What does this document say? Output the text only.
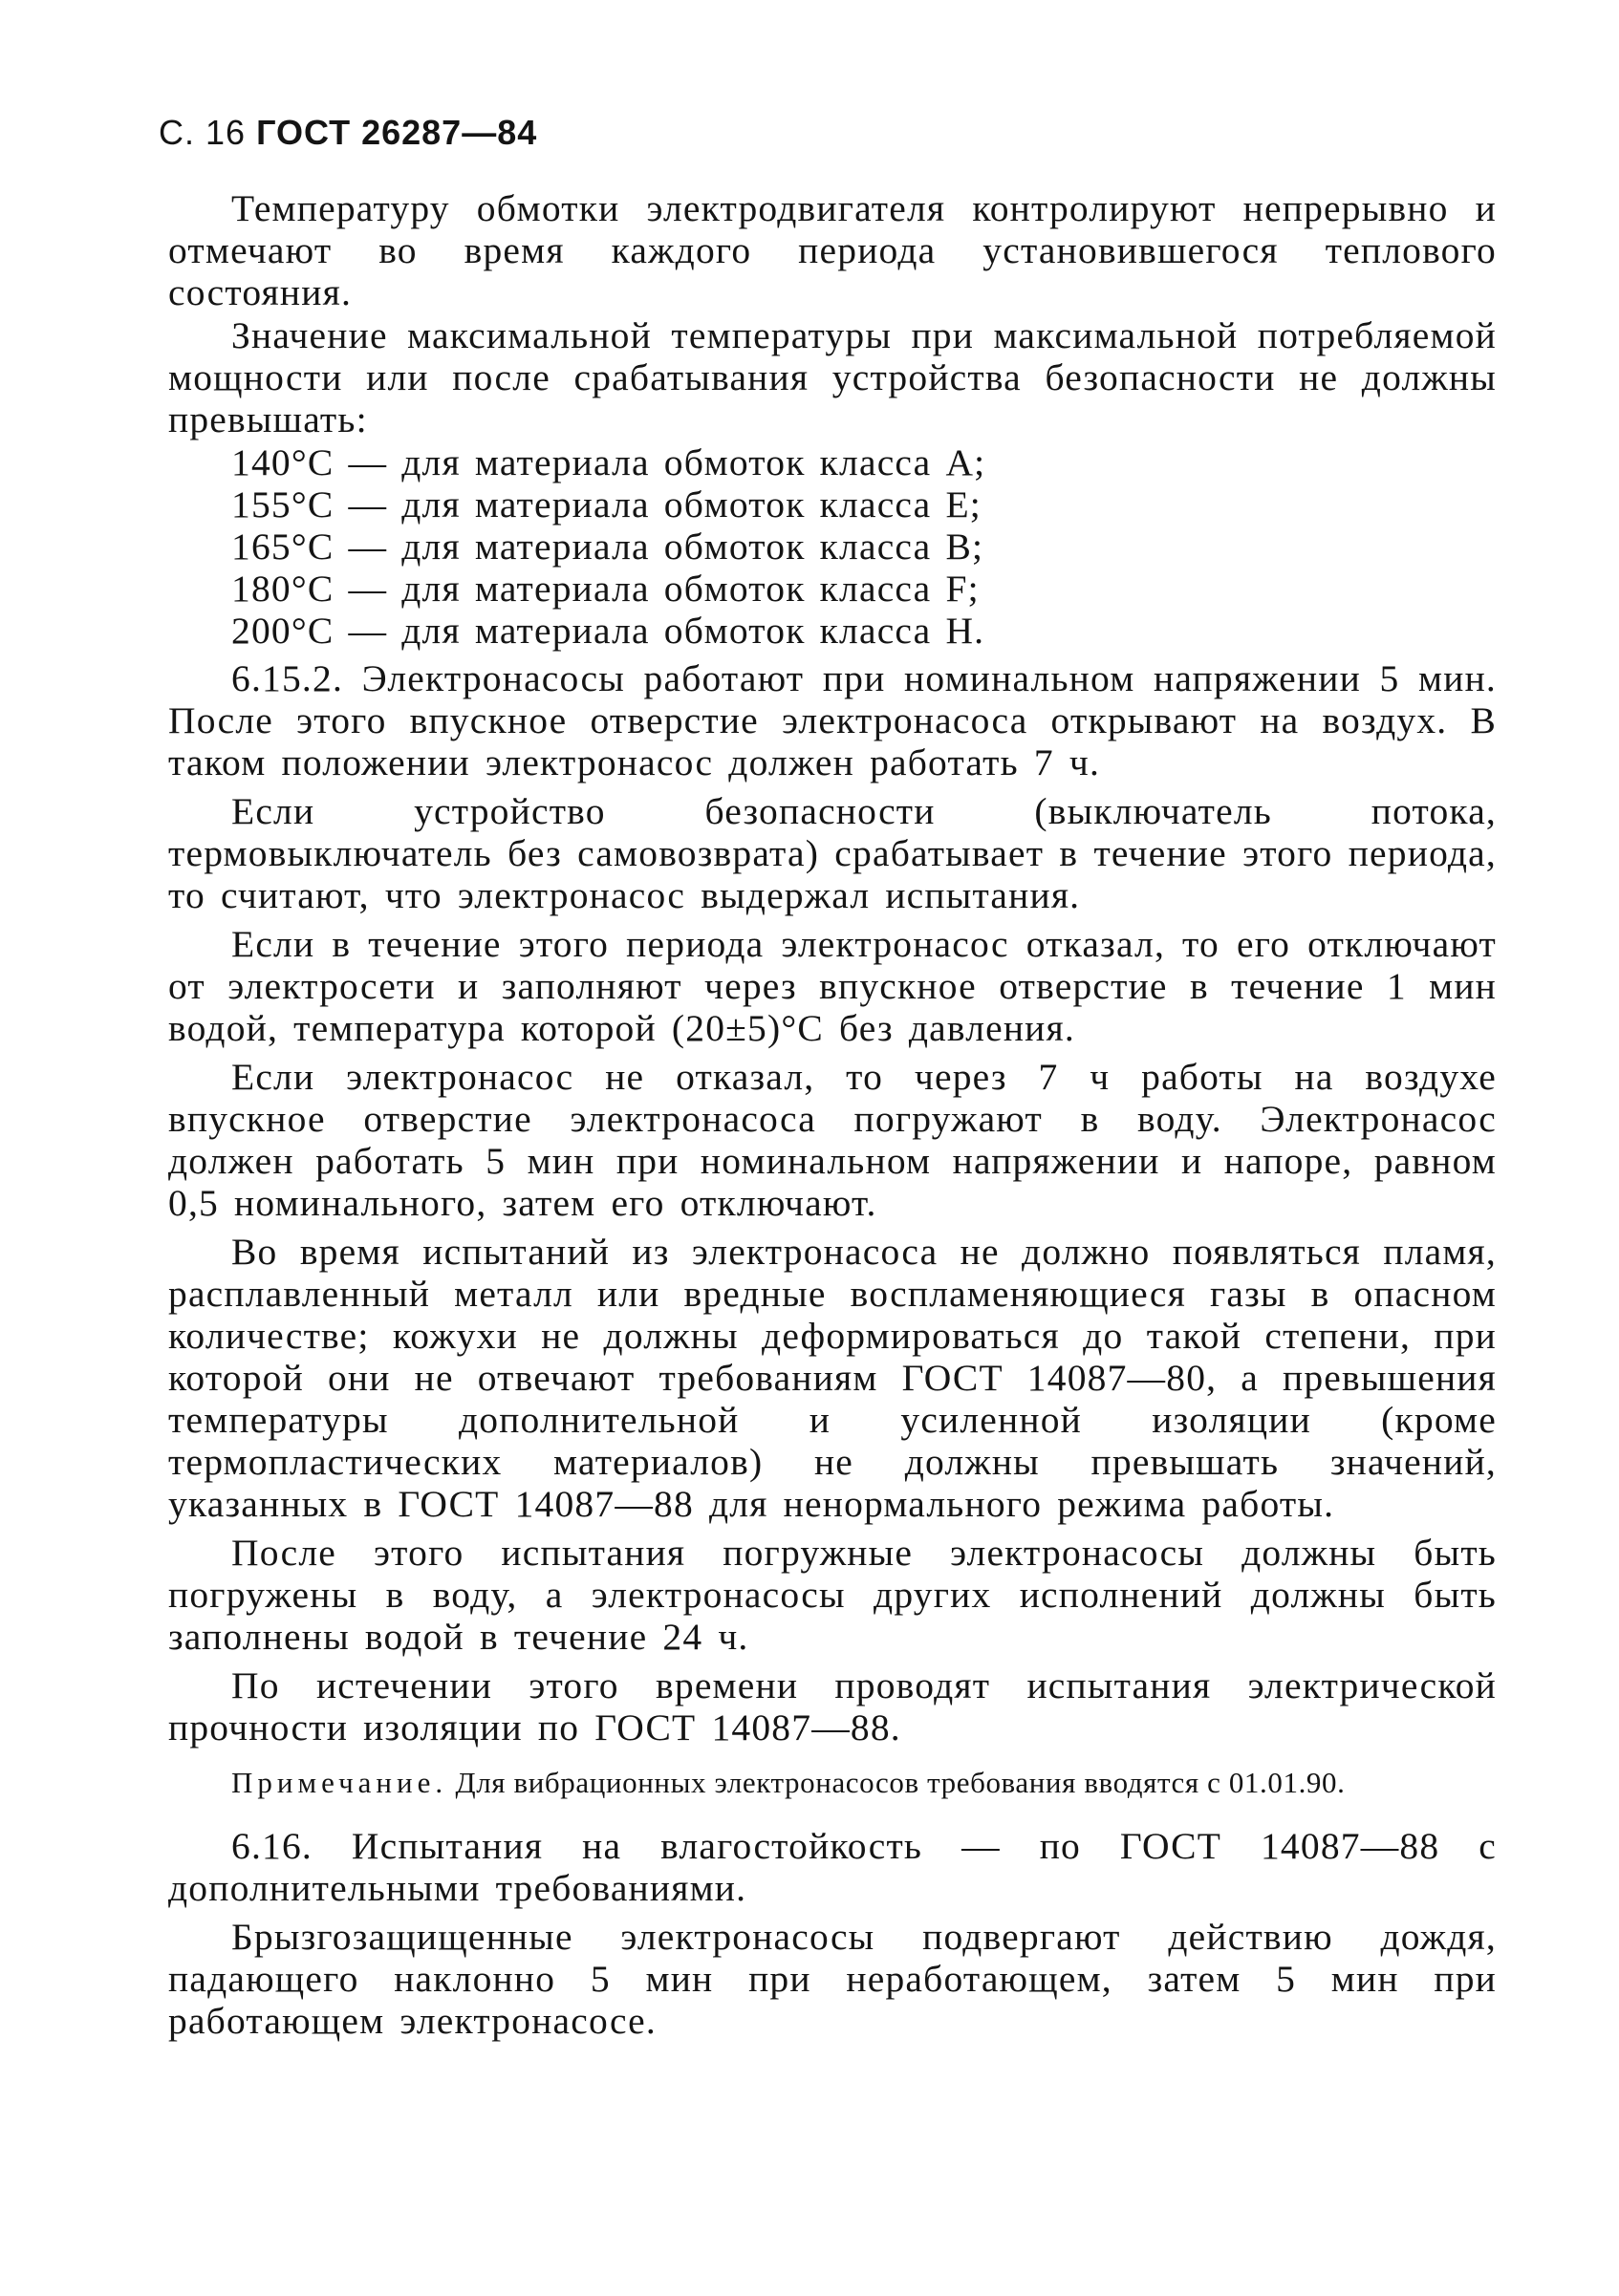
С. 16 ГОСТ 26287—84

Температуру обмотки электродвигателя контролируют непрерывно и отмечают во время каждого периода установившегося теплового состояния.

Значение максимальной температуры при максимальной потребляемой мощности или после срабатывания устройства безопасности не должны превышать:

140°C — для материала обмоток класса А;
155°C — для материала обмоток класса Е;
165°C — для материала обмоток класса В;
180°C — для материала обмоток класса F;
200°C — для материала обмоток класса Н.

6.15.2. Электронасосы работают при номинальном напряжении 5 мин. После этого впускное отверстие электронасоса открывают на воздух. В таком положении электронасос должен работать 7 ч.

Если устройство безопасности (выключатель потока, термовыключатель без самовозврата) срабатывает в течение этого периода, то считают, что электронасос выдержал испытания.

Если в течение этого периода электронасос отказал, то его отключают от электросети и заполняют через впускное отверстие в течение 1 мин водой, температура которой (20±5)°С без давления.

Если электронасос не отказал, то через 7 ч работы на воздухе впускное отверстие электронасоса погружают в воду. Электронасос должен работать 5 мин при номинальном напряжении и напоре, равном 0,5 номинального, затем его отключают.

Во время испытаний из электронасоса не должно появляться пламя, расплавленный металл или вредные воспламеняющиеся газы в опасном количестве; кожухи не должны деформироваться до такой степени, при которой они не отвечают требованиям ГОСТ 14087—80, а превышения температуры дополнительной и усиленной изоляции (кроме термопластических материалов) не должны превышать значений, указанных в ГОСТ 14087—88 для ненормального режима работы.

После этого испытания погружные электронасосы должны быть погружены в воду, а электронасосы других исполнений должны быть заполнены водой в течение 24 ч.

По истечении этого времени проводят испытания электрической прочности изоляции по ГОСТ 14087—88.

Примечание. Для вибрационных электронасосов требования вводятся с 01.01.90.

6.16. Испытания на влагостойкость — по ГОСТ 14087—88 с дополнительными требованиями.

Брызгозащищенные электронасосы подвергают действию дождя, падающего наклонно 5 мин при неработающем, затем 5 мин при работающем электронасосе.
